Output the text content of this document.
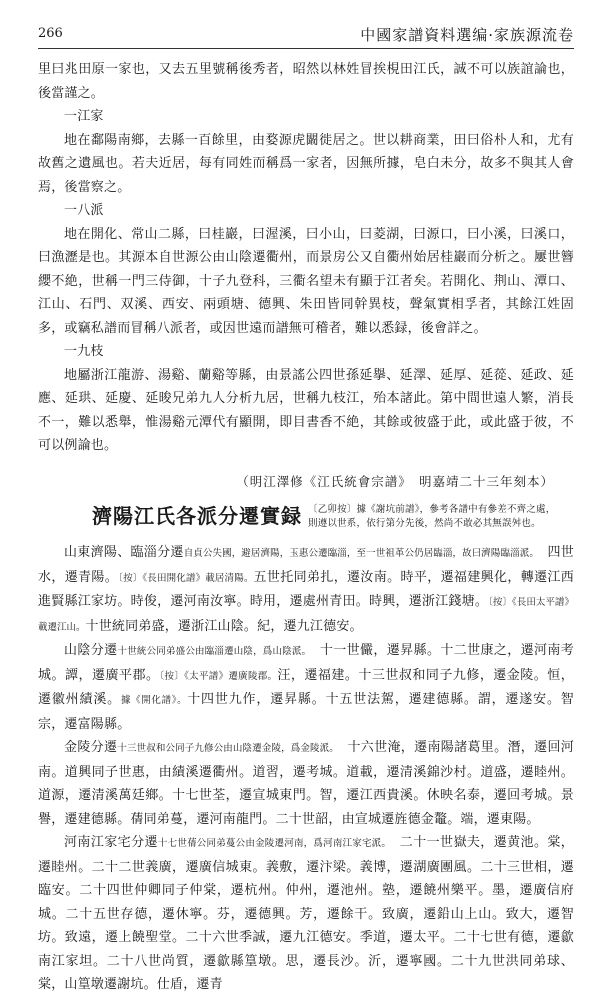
266	中國家譜資料選编·家族源流卷

里曰兆田原一家也，又去五里號稱後秀者，昭然以林姓冒挨梘田江氏，誠不可以族誼論也，後當謹之。

一江家

地在鄱陽南鄉，去縣一百餘里，由婺源虎闞徙居之。世以耕商業，田曰俗朴人和，尤有故舊之遺風也。若夫近居，每有同姓而稱爲一家者，因無所據，皂白未分，故多不與其人會焉，後當察之。

一八派

地在開化、常山二縣，曰桂巖，曰渥溪，曰小山，曰菱湖，曰源口，曰小溪，曰溪口，曰漁瀝是也。其源本自世源公由山陰遷衢州，而景房公又自衢州始居桂巖而分析之。屢世簪纓不絶，世稱一門三侍御，十子九登科，三衢名望未有顯于江者矣。若開化、荆山、潭口、江山、石門、双溪、西安、兩頭塘、德興、朱田皆同幹異枝，聲氣實相孚者，其餘江姓固多，或竊私譜而冒稱八派者，或因世遠而譜無可稽者，難以悉録，後會詳之。

一九枝

地屬浙江龍游、湯谿、蘭谿等縣，由景謠公四世孫延擧、延澤、延厚、延蓯、延政、延應、延珙、延慶、延晙兄弟九人分析九居，世稱九枝江，殆本諸此。第中間世遠人繁，消長不一，難以悉舉，惟湯谿元潭代有顯開，即目書香不絶，其餘或彼盛于此，或此盛于彼，不可以例論也。

（明江澤修《江氏統會宗譜》　明嘉靖二十三年刻本）
濟陽江氏各派分遷實録 〔乙卯按〕據《謝坑前譜》，參考各譜中有參差不齊之處，
則遵以世系，依行第分先後，然尚不敢必其無誤舛也。

山東濟陽、臨淄分遷自貞公失國，避居濟陽，玉惠公遷臨淄，至一世祖革公仍居臨淄，故曰濟陽臨淄派。　四世水，遷青陽。〔按〕《長田開化譜》載居清陽。五世托同弟扎，遷汝南。時平，遷福建興化，轉遷江西進賢縣江家坊。時俊，遷河南汝寧。時用，遷處州青田。時興，遷浙江錢塘。〔按〕《長田太平譜》載遷江山。十世統同弟盛，遷浙江山陰。紀，遷九江德安。

山陰分遷十世統公同弟盛公由臨淄遷山陰，爲山陰派。　十一世儼，遷昇縣。十二世康之，遷河南考城。譚，遷廣平郡。〔按〕《太平譜》遷廣陵郡。汪，遷福建。十三世叔和同子九修，遷金陵。恒，遷徽州績溪。據《開化譜》。十四世九作，遷昇縣。十五世法駕，遷建德縣。謂，遷遂安。智宗，遷富陽縣。

金陵分遷十三世叔和公同子九修公由山陰遷金陵，爲金陵派。　十六世淹，遷南陽諸葛里。潛，遷回河南。道興同子世惠，由績溪遷衢州。道習，遷考城。道載，遷清溪錦沙村。道盛，遷睦州。道源，遷清溪萬廷鄉。十七世荃，遷宣城東門。智，遷江西貴溪。休映名泰，遷回考城。景譽，遷建德縣。蒨同弟蔓，遷河南龍門。二十世韶，由宣城遷旌德金鼇。端，遷東陽。

河南江家宅分遷十七世蒨公同弟蔓公由金陵遷河南，爲河南江家宅派。　二十一世嶽夫，遷黄池。棠，遷睦州。二十二世義廣，遷廣信城東。義敷，遷汴梁。義博，遷湖廣團風。二十三世相，遷臨安。二十四世仲卿同子仲棠，遷杭州。仲州，遷池州。塾，遷饒州樂平。墨，遷廣信府城。二十五世存德，遷休寧。芬，遷德興。芳，遷餘干。致廣，遷鉛山上山。致大，遷智坊。致遠，遷上饒聖堂。二十六世季誠，遷九江德安。季道，遷太平。二十七世有德，遷歙南江家坦。二十八世尚質，遷歙縣篁墩。思，遷長沙。沂，遷寧國。二十九世洪同弟球、棠，山篁墩遷謝坑。仕盾，遷青
